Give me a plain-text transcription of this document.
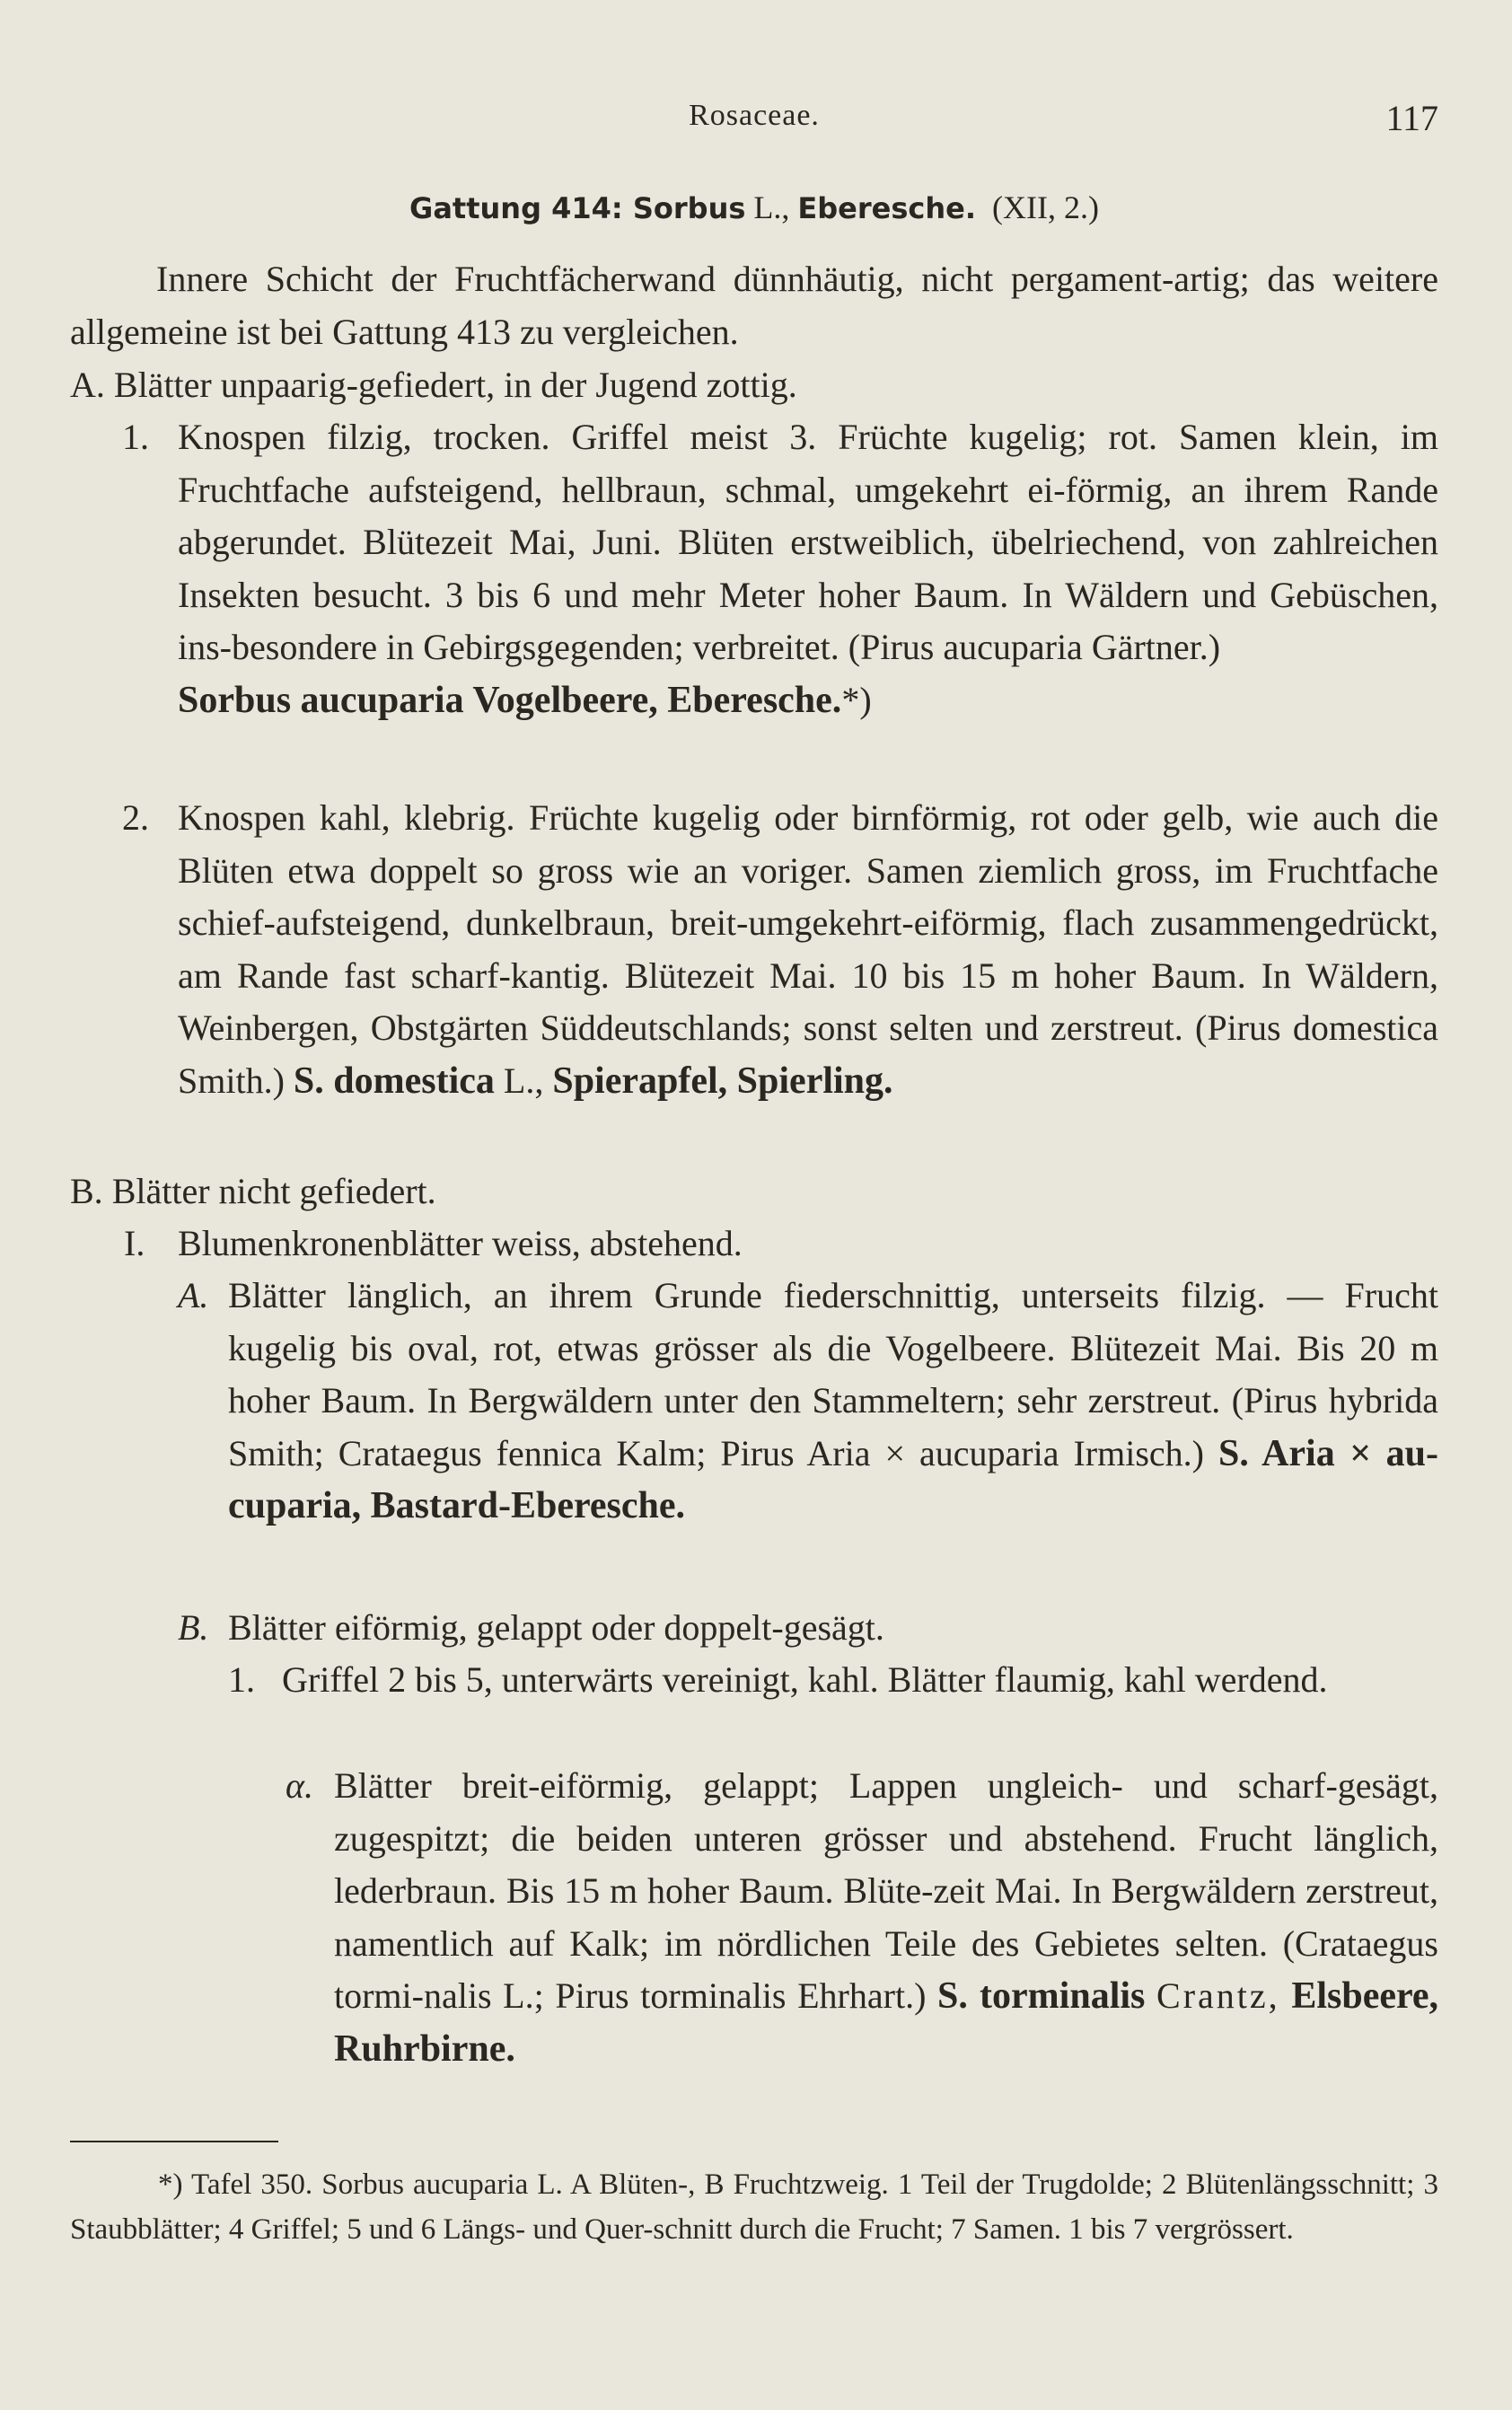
Rosaceae.	117
Gattung 414: Sorbus L., Eberesche. (XII, 2.)

Innere Schicht der Fruchtfächerwand dünnhäutig, nicht pergament-artig; das weitere allgemeine ist bei Gattung 413 zu vergleichen.

A. Blätter unpaarig-gefiedert, in der Jugend zottig.

1. Knospen filzig, trocken. Griffel meist 3. Früchte kugelig; rot. Samen klein, im Fruchtfache aufsteigend, hellbraun, schmal, umgekehrt ei-förmig, an ihrem Rande abgerundet. Blütezeit Mai, Juni. Blüten erstweiblich, übelriechend, von zahlreichen Insekten besucht. 3 bis 6 und mehr Meter hoher Baum. In Wäldern und Gebüschen, ins-besondere in Gebirgsgegenden; verbreitet. (Pirus aucuparia Gärtner.)
Sorbus aucuparia Vogelbeere, Eberesche.*)

2. Knospen kahl, klebrig. Früchte kugelig oder birnförmig, rot oder gelb, wie auch die Blüten etwa doppelt so gross wie an voriger. Samen ziemlich gross, im Fruchtfache schief-aufsteigend, dunkelbraun, breit-umgekehrt-eiförmig, flach zusammengedrückt, am Rande fast scharf-kantig. Blütezeit Mai. 10 bis 15 m hoher Baum. In Wäldern, Weinbergen, Obstgärten Süddeutschlands; sonst selten und zerstreut. (Pirus domestica Smith.) S. domestica L., Spierapfel, Spierling.

B. Blätter nicht gefiedert.

I. Blumenkronenblätter weiss, abstehend.

A. Blätter länglich, an ihrem Grunde fiederschnittig, unterseits filzig. — Frucht kugelig bis oval, rot, etwas grösser als die Vogelbeere. Blütezeit Mai. Bis 20 m hoher Baum. In Bergwäldern unter den Stammeltern; sehr zerstreut. (Pirus hybrida Smith; Crataegus fennica Kalm; Pirus Aria × aucuparia Irmisch.) S. Aria × au-cuparia, Bastard-Eberesche.

B. Blätter eiförmig, gelappt oder doppelt-gesägt.

1. Griffel 2 bis 5, unterwärts vereinigt, kahl. Blätter flaumig, kahl werdend.

α. Blätter breit-eiförmig, gelappt; Lappen ungleich- und scharf-gesägt, zugespitzt; die beiden unteren grösser und abstehend. Frucht länglich, lederbraun. Bis 15 m hoher Baum. Blüte-zeit Mai. In Bergwäldern zerstreut, namentlich auf Kalk; im nördlichen Teile des Gebietes selten. (Crataegus tormi-nalis L.; Pirus torminalis Ehrhart.) S. torminalis Crantz, Elsbeere, Ruhrbirne.

*) Tafel 350. Sorbus aucuparia L. A Blüten-, B Fruchtzweig. 1 Teil der Trugdolde; 2 Blütenlängsschnitt; 3 Staubblätter; 4 Griffel; 5 und 6 Längs- und Quer-schnitt durch die Frucht; 7 Samen. 1 bis 7 vergrössert.
